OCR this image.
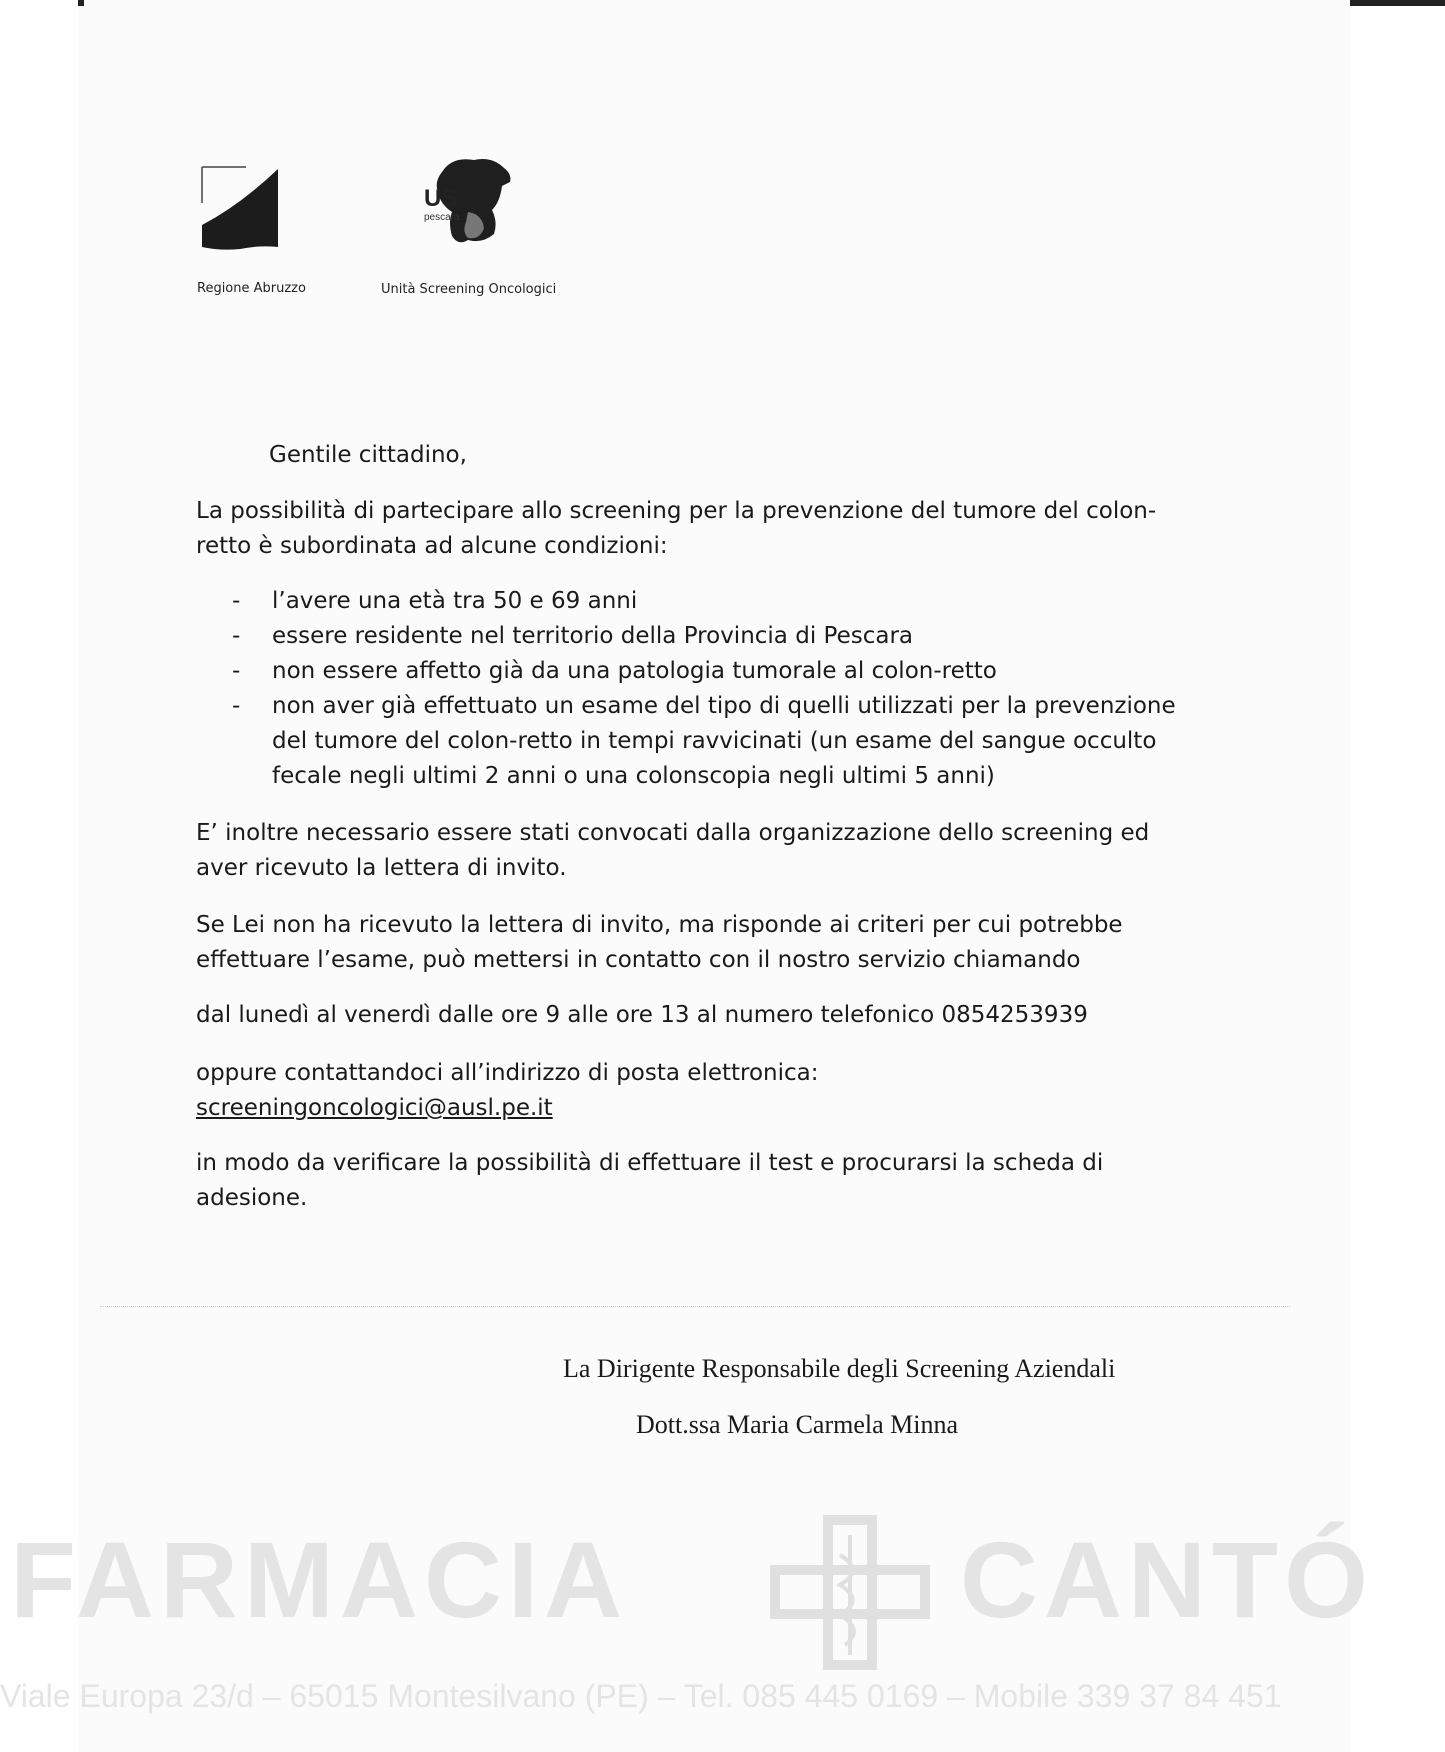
Regione Abruzzo
US
pescara
Unità Screening Oncologici

Gentile cittadino,

La possibilità di partecipare allo screening per la prevenzione del tumore del colon-retto è subordinata ad alcune condizioni:

- l’avere una età tra 50 e 69 anni
- essere residente nel territorio della Provincia di Pescara
- non essere affetto già da una patologia tumorale al colon-retto
- non aver già effettuato un esame del tipo di quelli utilizzati per la prevenzione del tumore del colon-retto in tempi ravvicinati (un esame del sangue occulto fecale negli ultimi 2 anni o una colonscopia negli ultimi 5 anni)

E’ inoltre necessario essere stati convocati dalla organizzazione dello screening ed aver ricevuto la lettera di invito.

Se Lei non ha ricevuto la lettera di invito, ma risponde ai criteri per cui potrebbe effettuare l’esame, può mettersi in contatto con il nostro servizio chiamando

dal lunedì al venerdì dalle ore 9 alle ore 13 al numero telefonico 0854253939

oppure contattandoci all’indirizzo di posta elettronica:
screeningoncologici@ausl.pe.it

in modo da verificare la possibilità di effettuare il test e procurarsi la scheda di adesione.

La Dirigente Responsabile degli Screening Aziendali
Dott.ssa Maria Carmela Minna
FARMACIA	CANTÓ
Viale Europa 23/d – 65015 Montesilvano (PE) – Tel. 085 445 0169 – Mobile 339 37 84 451
